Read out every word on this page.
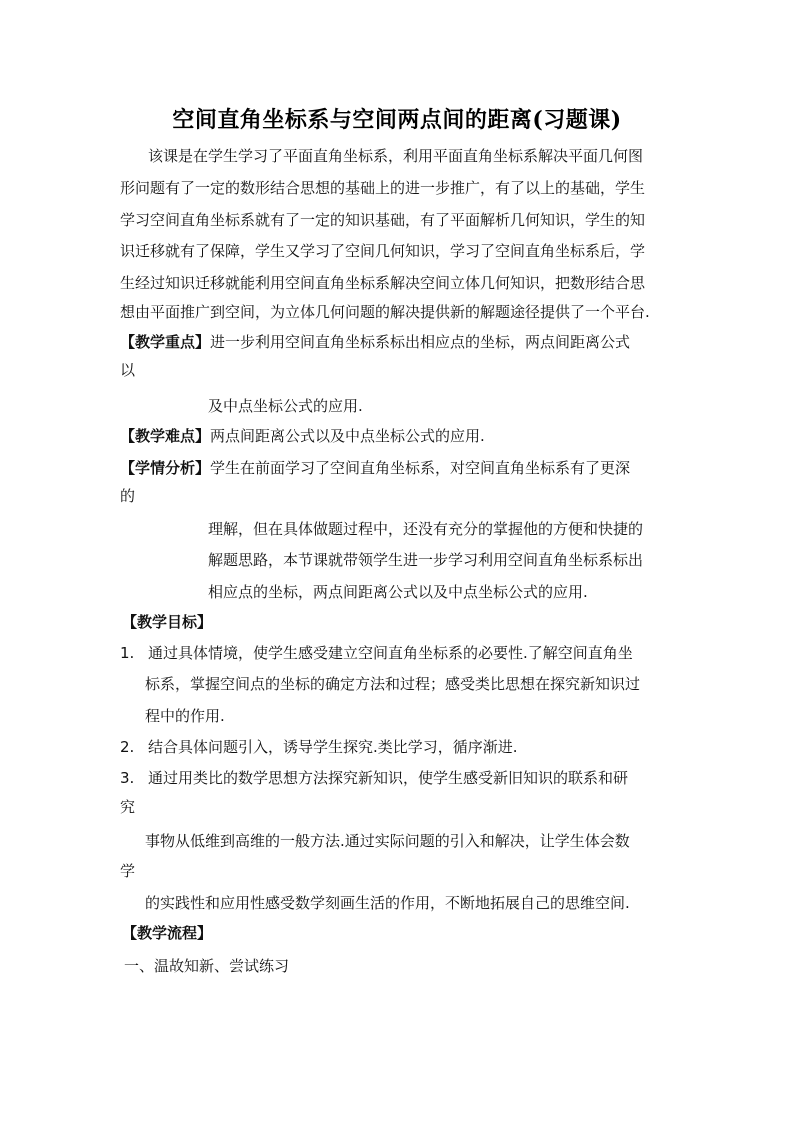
空间直角坐标系与空间两点间的距离(习题课)
该课是在学生学习了平面直角坐标系，利用平面直角坐标系解决平面几何图
形问题有了一定的数形结合思想的基础上的进一步推广，有了以上的基础，学生
学习空间直角坐标系就有了一定的知识基础，有了平面解析几何知识，学生的知
识迁移就有了保障，学生又学习了空间几何知识，学习了空间直角坐标系后，学
生经过知识迁移就能利用空间直角坐标系解决空间立体几何知识，把数形结合思
想由平面推广到空间，为立体几何问题的解决提供新的解题途径提供了一个平台.
【教学重点】进一步利用空间直角坐标系标出相应点的坐标，两点间距离公式
以
及中点坐标公式的应用.
【教学难点】两点间距离公式以及中点坐标公式的应用.
【学情分析】学生在前面学习了空间直角坐标系，对空间直角坐标系有了更深
的
理解，但在具体做题过程中，还没有充分的掌握他的方便和快捷的
解题思路，本节课就带领学生进一步学习利用空间直角坐标系标出
相应点的坐标，两点间距离公式以及中点坐标公式的应用.
【教学目标】
1. 通过具体情境，使学生感受建立空间直角坐标系的必要性.了解空间直角坐
标系，掌握空间点的坐标的确定方法和过程；感受类比思想在探究新知识过
程中的作用.
2. 结合具体问题引入，诱导学生探究.类比学习，循序渐进.
3. 通过用类比的数学思想方法探究新知识，使学生感受新旧知识的联系和研
究
事物从低维到高维的一般方法.通过实际问题的引入和解决，让学生体会数
学
的实践性和应用性感受数学刻画生活的作用，不断地拓展自己的思维空间.
【教学流程】
一、温故知新、尝试练习
